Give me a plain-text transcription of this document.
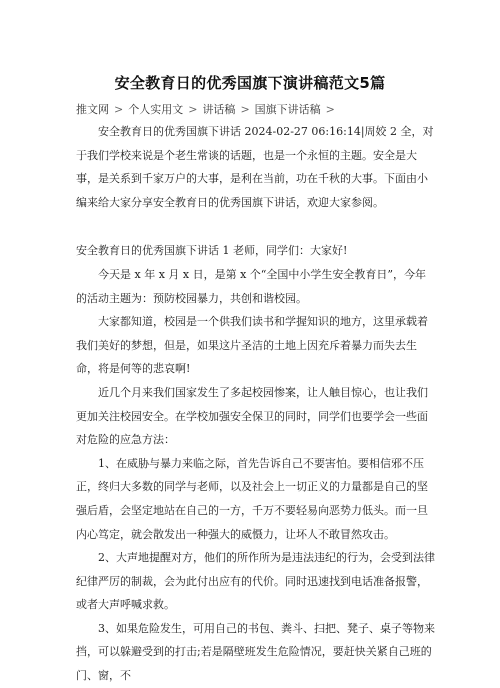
安全教育日的优秀国旗下演讲稿范文5篇
推文网 > 个人实用文 > 讲话稿 > 国旗下讲话稿 >

安全教育日的优秀国旗下讲话 2024-02-27 06:16:14|周姣 2 全，对于我们学校来说是个老生常谈的话题，也是一个永恒的主题。安全是大事，是关系到千家万户的大事，是利在当前，功在千秋的大事。下面由小编来给大家分享安全教育日的优秀国旗下讲话，欢迎大家参阅。

安全教育日的优秀国旗下讲话 1 老师，同学们：大家好!

今天是 x 年 x 月 x 日，是第 x 个“全国中小学生安全教育日”，今年的活动主题为：预防校园暴力，共创和谐校园。

大家都知道，校园是一个供我们读书和学握知识的地方，这里承载着我们美好的梦想，但是，如果这片圣洁的土地上因充斥着暴力而失去生命，将是何等的悲哀啊!

近几个月来我们国家发生了多起校园惨案，让人触目惊心，也让我们更加关注校园安全。在学校加强安全保卫的同时，同学们也要学会一些面对危险的应急方法：

1、在威胁与暴力来临之际，首先告诉自己不要害怕。要相信邪不压正，终归大多数的同学与老师，以及社会上一切正义的力量都是自己的坚强后盾，会坚定地站在自己的一方，千万不要轻易向恶势力低头。而一旦内心笃定，就会散发出一种强大的威慑力，让坏人不敢冒然攻击。

2、大声地提醒对方，他们的所作所为是违法违纪的行为，会受到法律纪律严厉的制裁，会为此付出应有的代价。同时迅速找到电话准备报警，或者大声呼喊求救。

3、如果危险发生，可用自己的书包、粪斗、扫把、凳子、桌子等物来挡，可以躲避受到的打击;若是隔壁班发生危险情况，要赶快关紧自己班的门、窗，不
